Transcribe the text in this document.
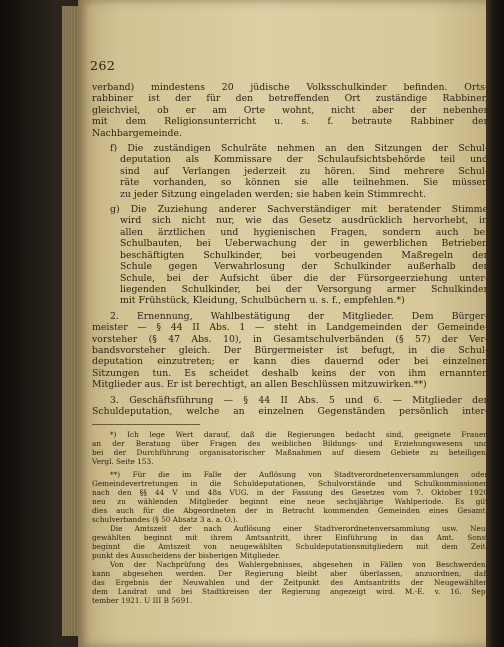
262
verband) mindestens 20 jüdische Volksschulkinder befinden. Orts-
rabbiner ist der für den betreffenden Ort zuständige Rabbiner,
gleichviel, ob er am Orte wohnt, nicht aber der nebenher
mit dem Religionsunterricht u. s. f. betraute Rabbiner der
Nachbargemeinde.
f) Die zuständigen Schulräte nehmen an den Sitzungen der Schul-
deputation als Kommissare der Schulaufsichtsbehörde teil und
sind auf Verlangen jederzeit zu hören. Sind mehrere Schul-
räte vorhanden, so können sie alle teilnehmen. Sie müssen
zu jeder Sitzung eingeladen werden; sie haben kein Stimmrecht.
g) Die Zuziehung anderer Sachverständiger mit beratender Stimme
wird sich nicht nur, wie das Gesetz ausdrücklich hervorhebt, in
allen ärztlichen und hygienischen Fragen, sondern auch bei
Schulbauten, bei Ueberwachung der in gewerblichen Betrieben
beschäftigten Schulkinder, bei vorbeugenden Maßregeln der
Schule gegen Verwahrlosung der Schulkinder außerhalb der
Schule, bei der Aufsicht über die der Fürsorgeerziehung unter-
liegenden Schulkinder, bei der Versorgung armer Schulkinder
mit Frühstück, Kleidung, Schulbüchern u. s. f., empfehlen.*)
2. Ernennung, Wahlbestätigung der Mitglieder. Dem Bürger-
meister — § 44 II Abs. 1 — steht in Landgemeinden der Gemeinde-
vorsteher (§ 47 Abs. 10), in Gesamtschulverbänden (§ 57) der Ver-
bandsvorsteher gleich. Der Bürgermeister ist befugt, in die Schul-
deputation einzutreten; er kann dies dauernd oder bei einzelnen
Sitzungen tun. Es scheidet deshalb keins der von ihm ernannten
Mitglieder aus. Er ist berechtigt, an allen Beschlüssen mitzuwirken.**)
3. Geschäftsführung — § 44 II Abs. 5 und 6. — Mitglieder der
Schuldeputation, welche an einzelnen Gegenständen persönlich inter-
*) Ich lege Wert darauf, daß die Regierungen bedacht sind, geeignete Frauen
an der Beratung über Fragen des weiblichen Bildungs- und Erziehungswesens und
bei der Durchführung organisatorischer Maßnahmen auf diesem Gebiete zu beteiligen.
Vergl. Seite 153.
**) Für die im Falle der Auflösung von Stadtverordnetenversammlungen oder
Gemeindevertretungen in die Schuldeputationen, Schulvorstände und Schulkommissionen
nach den §§ 44 V und 48a VUG. in der Fassung des Gesetzes vom 7. Oktober 1920
neu zu wählenden Mitglieder beginnt eine neue sechsjährige Wahlperiode. Es gilt
dies auch für die Abgeordneten der in Betracht kommenden Gemeinden eines Gesamt-
schulverbandes (§ 50 Absatz 3 a. a. O.).
Die Amtszeit der nach Auflösung einer Stadtverordnetenversammlung usw. Neu-
gewählten beginnt mit ihrem Amtsantritt, ihrer Einführung in das Amt. Sonst
beginnt die Amtszeit von neugewählten Schuldeputationsmitgliedern mit dem Zeit-
punkt des Ausscheidens der bisherigen Mitglieder.
Von der Nachprüfung des Wahlergebnisses, abgesehen in Fällen von Beschwerden,
kann abgesehen werden. Der Regierung bleibt aber überlassen, anzuordnen, daß
das Ergebnis der Neuwahlen und der Zeitpunkt des Amtsantritts der Neugewählten
dem Landrat und bei Stadtkreisen der Regierung angezeigt wird. M.-E. v. 16. Sep-
tember 1921. U III B 5691.
